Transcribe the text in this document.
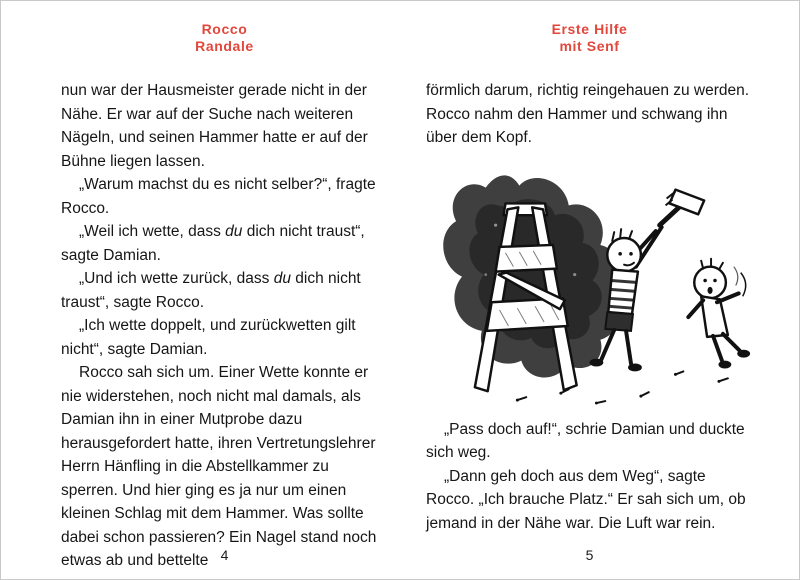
Rocco
Randale

nun war der Hausmeister gerade nicht in der Nähe. Er war auf der Suche nach weiteren Nägeln, und seinen Hammer hatte er auf der Bühne liegen lassen.

„Warum machst du es nicht selber?“, fragte Rocco.

„Weil ich wette, dass du dich nicht traust“, sagte Damian.

„Und ich wette zurück, dass du dich nicht traust“, sagte Rocco.

„Ich wette doppelt, und zurückwetten gilt nicht“, sagte Damian.

Rocco sah sich um. Einer Wette konnte er nie widerstehen, noch nicht mal damals, als Damian ihn in einer Mutprobe dazu herausgefordert hatte, ihren Vertretungslehrer Herrn Hänfling in die Abstellkammer zu sperren. Und hier ging es ja nur um einen kleinen Schlag mit dem Hammer. Was sollte dabei schon passieren? Ein Nagel stand noch etwas ab und bettelte 4
Erste Hilfe
mit Senf

förmlich darum, richtig reingehauen zu werden. Rocco nahm den Hammer und schwang ihn über dem Kopf.

„Pass doch auf!“, schrie Damian und duckte sich weg.

„Dann geh doch aus dem Weg“, sagte Rocco. „Ich brauche Platz.“ Er sah sich um, ob jemand in der Nähe war. Die Luft war rein.

5
